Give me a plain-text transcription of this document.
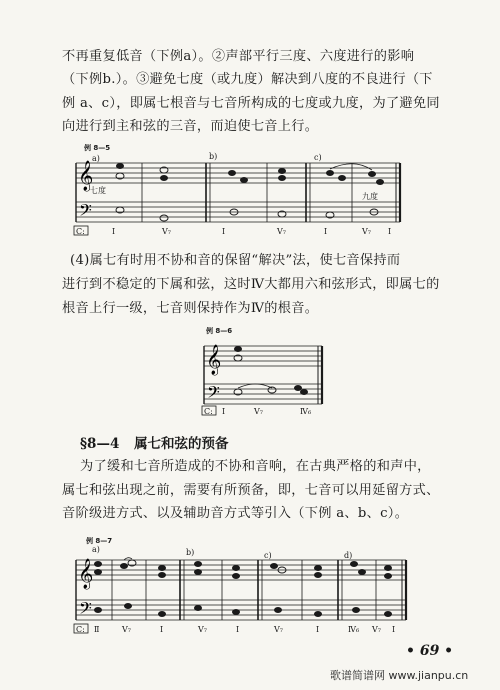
不再重复低音（下例a）。②声部平行三度、六度进行的影响

（下例b.）。③避免七度（或九度）解决到八度的不良进行（下

例 a、c），即属七根音与七音所构成的七度或九度，为了避免同

向进行到主和弦的三音，而迫使七音上行。

例 8—5
a)	b)	c)
𝄞
𝄢
七度
九度
C:	I	V₇	I	V₇	I	V₇ I

(4)属七有时用不协和音的保留“解决”法，使七音保持而

进行到不稳定的下属和弦，这时Ⅳ大都用六和弦形式，即属七的

根音上行一级，七音则保持作为Ⅳ的根音。

例 8—6
𝄞
𝄢
C: I	V₇	Ⅳ₆
§8—4 属七和弦的预备

为了缓和七音所造成的不协和音响，在古典严格的和声中，

属七和弦出现之前，需要有所预备，即，七音可以用延留方式、

音阶级进方式、以及辅助音方式等引入（下例 a、b、c）。

例 8—7
a)	b)	c)	d)
𝄞
𝄢
C: Ⅱ	V₇	I	V₇	I	V₇	I	Ⅳ₆ V₇ I
• 69 •
歌谱简谱网 www.jianpu.cn
